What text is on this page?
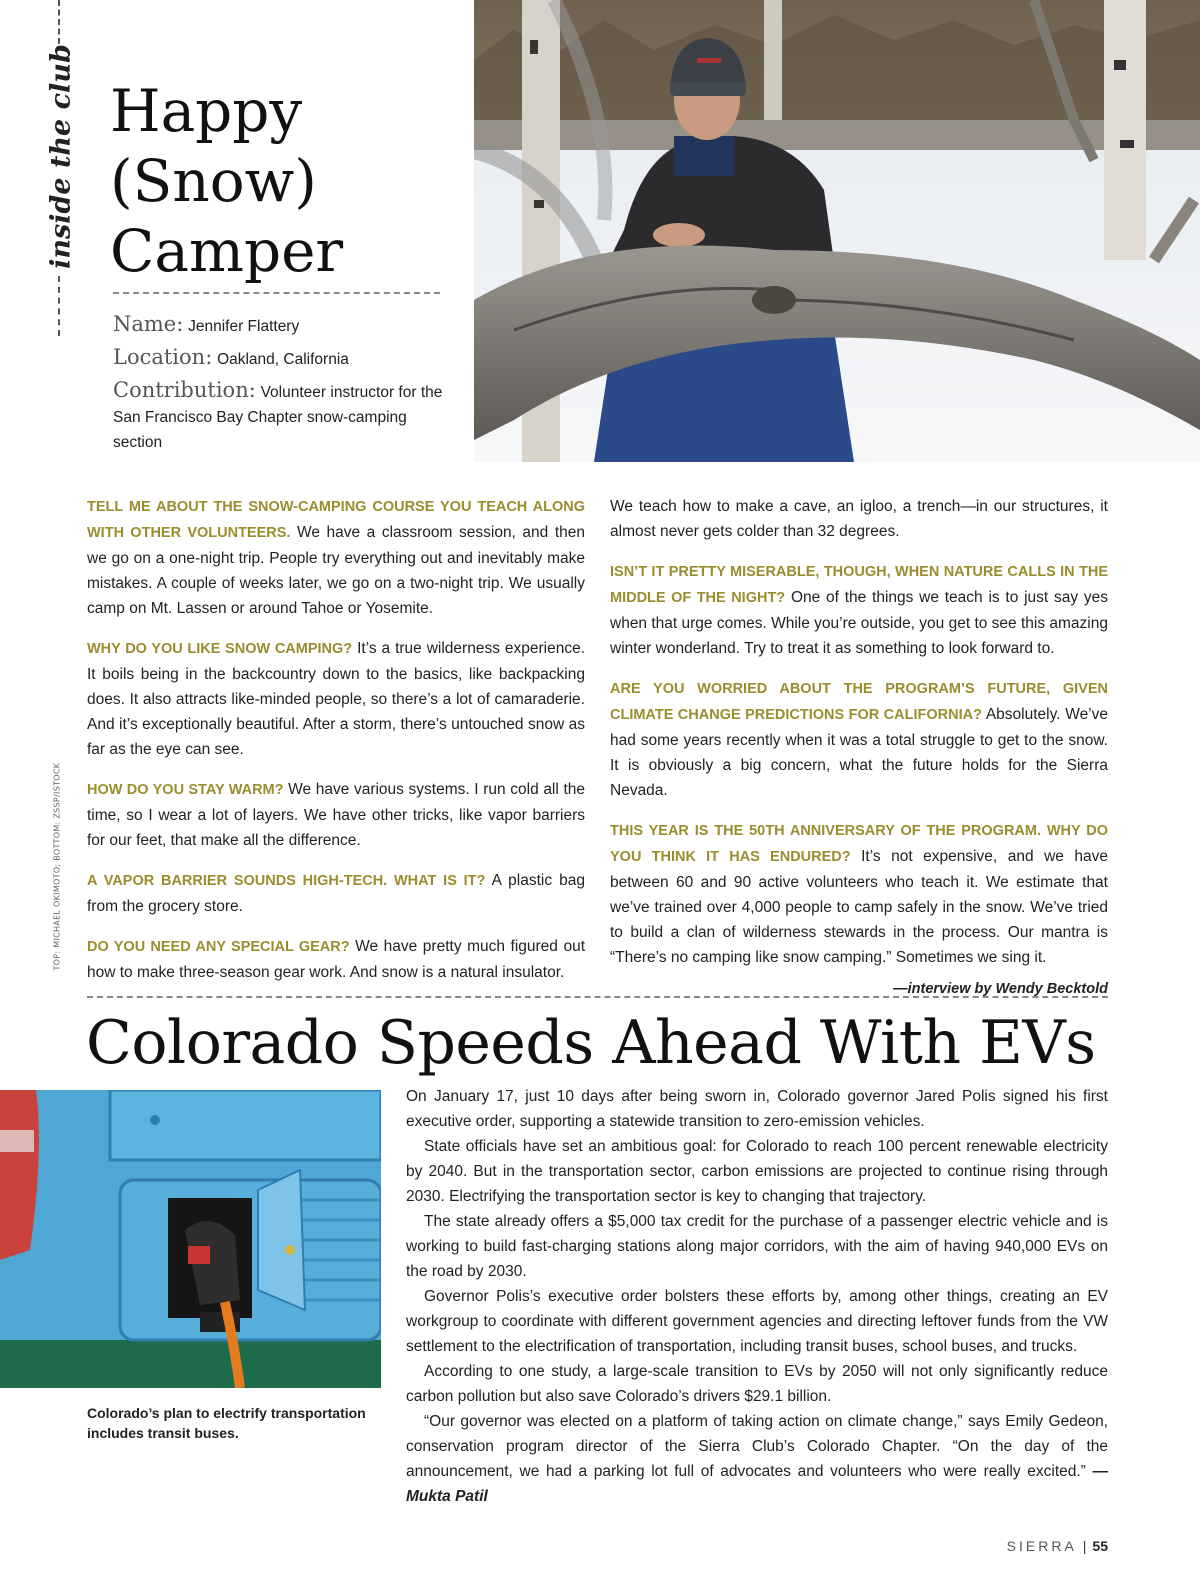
inside the club Happy
(Snow)
Camper
Name: Jennifer Flattery
Location: Oakland, California
Contribution: Volunteer instructor for the San Francisco Bay Chapter snow-camping section
TOP: MICHAEL OKIMOTO; BOTTOM: ZSSP/ISTOCK

TELL ME ABOUT THE SNOW-CAMPING COURSE YOU TEACH ALONG WITH OTHER VOLUNTEERS. We have a classroom session, and then we go on a one-night trip. People try everything out and inevitably make mistakes. A couple of weeks later, we go on a two-night trip. We usually camp on Mt. Lassen or around Tahoe or Yosemite.

WHY DO YOU LIKE SNOW CAMPING? It’s a true wilderness experience. It boils being in the backcountry down to the basics, like backpacking does. It also attracts like-minded people, so there’s a lot of camaraderie. And it’s exceptionally beautiful. After a storm, there’s untouched snow as far as the eye can see.

HOW DO YOU STAY WARM? We have various systems. I run cold all the time, so I wear a lot of layers. We have other tricks, like vapor barriers for our feet, that make all the difference.

A VAPOR BARRIER SOUNDS HIGH-TECH. WHAT IS IT? A plastic bag from the grocery store.

DO YOU NEED ANY SPECIAL GEAR? We have pretty much figured out how to make three-season gear work. And snow is a natural insulator.

We teach how to make a cave, an igloo, a trench—in our structures, it almost never gets colder than 32 degrees.

ISN’T IT PRETTY MISERABLE, THOUGH, WHEN NATURE CALLS IN THE MIDDLE OF THE NIGHT? One of the things we teach is to just say yes when that urge comes. While you’re outside, you get to see this amazing winter wonderland. Try to treat it as something to look forward to.

ARE YOU WORRIED ABOUT THE PROGRAM’S FUTURE, GIVEN CLIMATE CHANGE PREDICTIONS FOR CALIFORNIA? Absolutely. We’ve had some years recently when it was a total struggle to get to the snow. It is obviously a big concern, what the future holds for the Sierra Nevada.

THIS YEAR IS THE 50TH ANNIVERSARY OF THE PROGRAM. WHY DO YOU THINK IT HAS ENDURED? It’s not expensive, and we have between 60 and 90 active volunteers who teach it. We estimate that we’ve trained over 4,000 people to camp safely in the snow. We’ve tried to build a clan of wilderness stewards in the process. Our mantra is “There’s no camping like snow camping.” Sometimes we sing it.

—interview by Wendy Becktold

Colorado Speeds Ahead With EVs
Colorado’s plan to electrify transportation includes transit buses.

On January 17, just 10 days after being sworn in, Colorado governor Jared Polis signed his first executive order, supporting a statewide transition to zero-emission vehicles.

State officials have set an ambitious goal: for Colorado to reach 100 percent renewable electricity by 2040. But in the transportation sector, carbon emissions are projected to continue rising through 2030. Electrifying the transportation sector is key to changing that trajectory.

The state already offers a $5,000 tax credit for the purchase of a passenger electric vehicle and is working to build fast-charging stations along major corridors, with the aim of having 940,000 EVs on the road by 2030.

Governor Polis’s executive order bolsters these efforts by, among other things, creating an EV workgroup to coordinate with different government agencies and directing leftover funds from the VW settlement to the electrification of transportation, including transit buses, school buses, and trucks.

According to one study, a large-scale transition to EVs by 2050 will not only significantly reduce carbon pollution but also save Colorado’s drivers $29.1 billion.

“Our governor was elected on a platform of taking action on climate change,” says Emily Gedeon, conservation program director of the Sierra Club’s Colorado Chapter. “On the day of the announcement, we had a parking lot full of advocates and volunteers who were really excited.” —Mukta Patil

SIERRA | 55
